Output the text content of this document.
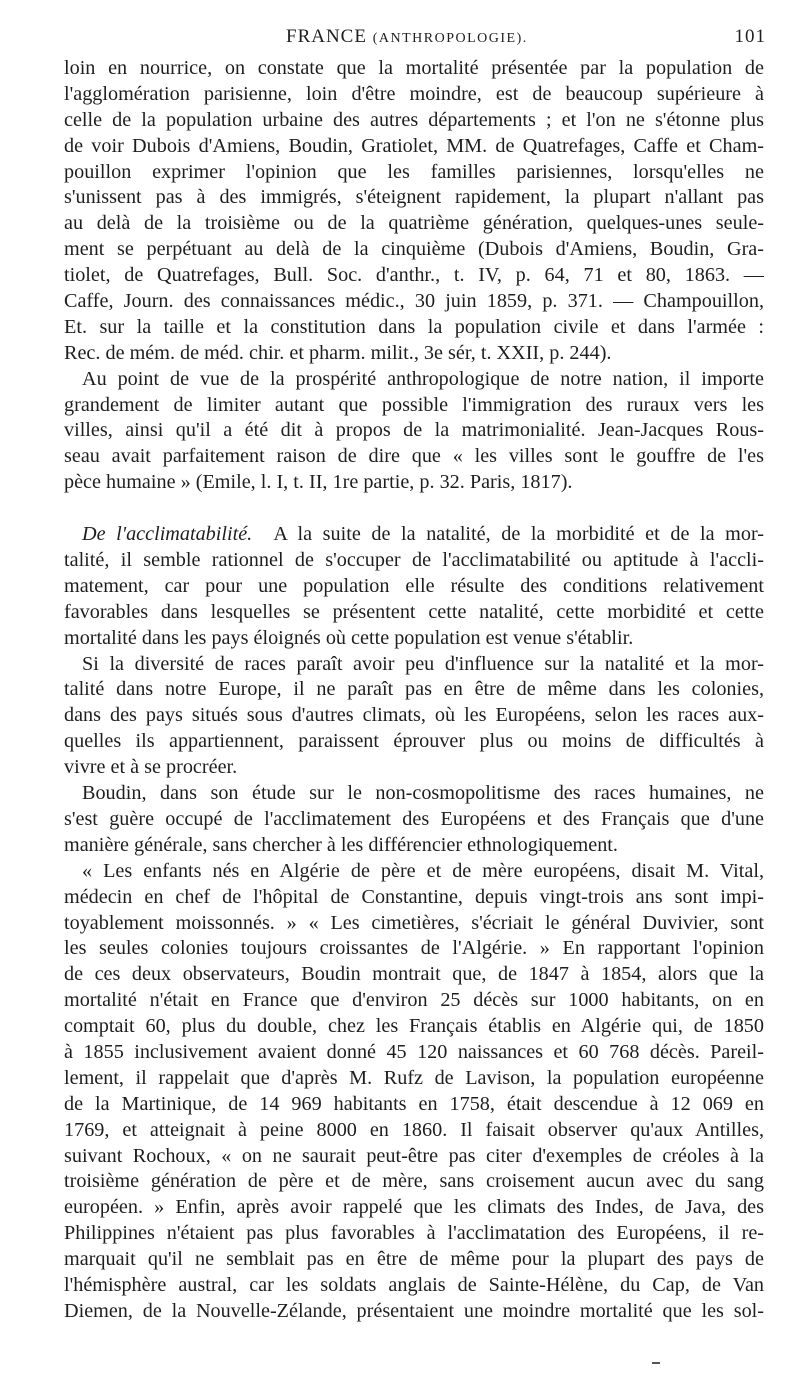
FRANCE (ANTHROPOLOGIE).	101
loin en nourrice, on constate que la mortalité présentée par la population de
l'agglomération parisienne, loin d'être moindre, est de beaucoup supérieure à
celle de la population urbaine des autres départements ; et l'on ne s'étonne plus
de voir Dubois d'Amiens, Boudin, Gratiolet, MM. de Quatrefages, Caffe et Cham-
pouillon exprimer l'opinion que les familles parisiennes, lorsqu'elles ne
s'unissent pas à des immigrés, s'éteignent rapidement, la plupart n'allant pas
au delà de la troisième ou de la quatrième génération, quelques-unes seule-
ment se perpétuant au delà de la cinquième (Dubois d'Amiens, Boudin, Gra-
tiolet, de Quatrefages, Bull. Soc. d'anthr., t. IV, p. 64, 71 et 80, 1863. —
Caffe, Journ. des connaissances médic., 30 juin 1859, p. 371. — Champouillon,
Et. sur la taille et la constitution dans la population civile et dans l'armée :
Rec. de mém. de méd. chir. et pharm. milit., 3e sér, t. XXII, p. 244).
Au point de vue de la prospérité anthropologique de notre nation, il importe
grandement de limiter autant que possible l'immigration des ruraux vers les
villes, ainsi qu'il a été dit à propos de la matrimonialité. Jean-Jacques Rous-
seau avait parfaitement raison de dire que « les villes sont le gouffre de l'es
pèce humaine » (Emile, l. I, t. II, 1re partie, p. 32. Paris, 1817).
De l'acclimatabilité. A la suite de la natalité, de la morbidité et de la mor-
talité, il semble rationnel de s'occuper de l'acclimatabilité ou aptitude à l'accli-
matement, car pour une population elle résulte des conditions relativement
favorables dans lesquelles se présentent cette natalité, cette morbidité et cette
mortalité dans les pays éloignés où cette population est venue s'établir.
Si la diversité de races paraît avoir peu d'influence sur la natalité et la mor-
talité dans notre Europe, il ne paraît pas en être de même dans les colonies,
dans des pays situés sous d'autres climats, où les Européens, selon les races aux-
quelles ils appartiennent, paraissent éprouver plus ou moins de difficultés à
vivre et à se procréer.
Boudin, dans son étude sur le non-cosmopolitisme des races humaines, ne
s'est guère occupé de l'acclimatement des Européens et des Français que d'une
manière générale, sans chercher à les différencier ethnologiquement.
« Les enfants nés en Algérie de père et de mère européens, disait M. Vital,
médecin en chef de l'hôpital de Constantine, depuis vingt-trois ans sont impi-
toyablement moissonnés. » « Les cimetières, s'écriait le général Duvivier, sont
les seules colonies toujours croissantes de l'Algérie. » En rapportant l'opinion
de ces deux observateurs, Boudin montrait que, de 1847 à 1854, alors que la
mortalité n'était en France que d'environ 25 décès sur 1000 habitants, on en
comptait 60, plus du double, chez les Français établis en Algérie qui, de 1850
à 1855 inclusivement avaient donné 45 120 naissances et 60 768 décès. Pareil-
lement, il rappelait que d'après M. Rufz de Lavison, la population européenne
de la Martinique, de 14 969 habitants en 1758, était descendue à 12 069 en
1769, et atteignait à peine 8000 en 1860. Il faisait observer qu'aux Antilles,
suivant Rochoux, « on ne saurait peut-être pas citer d'exemples de créoles à la
troisième génération de père et de mère, sans croisement aucun avec du sang
européen. » Enfin, après avoir rappelé que les climats des Indes, de Java, des
Philippines n'étaient pas plus favorables à l'acclimatation des Européens, il re-
marquait qu'il ne semblait pas en être de même pour la plupart des pays de
l'hémisphère austral, car les soldats anglais de Sainte-Hélène, du Cap, de Van
Diemen, de la Nouvelle-Zélande, présentaient une moindre mortalité que les sol-
